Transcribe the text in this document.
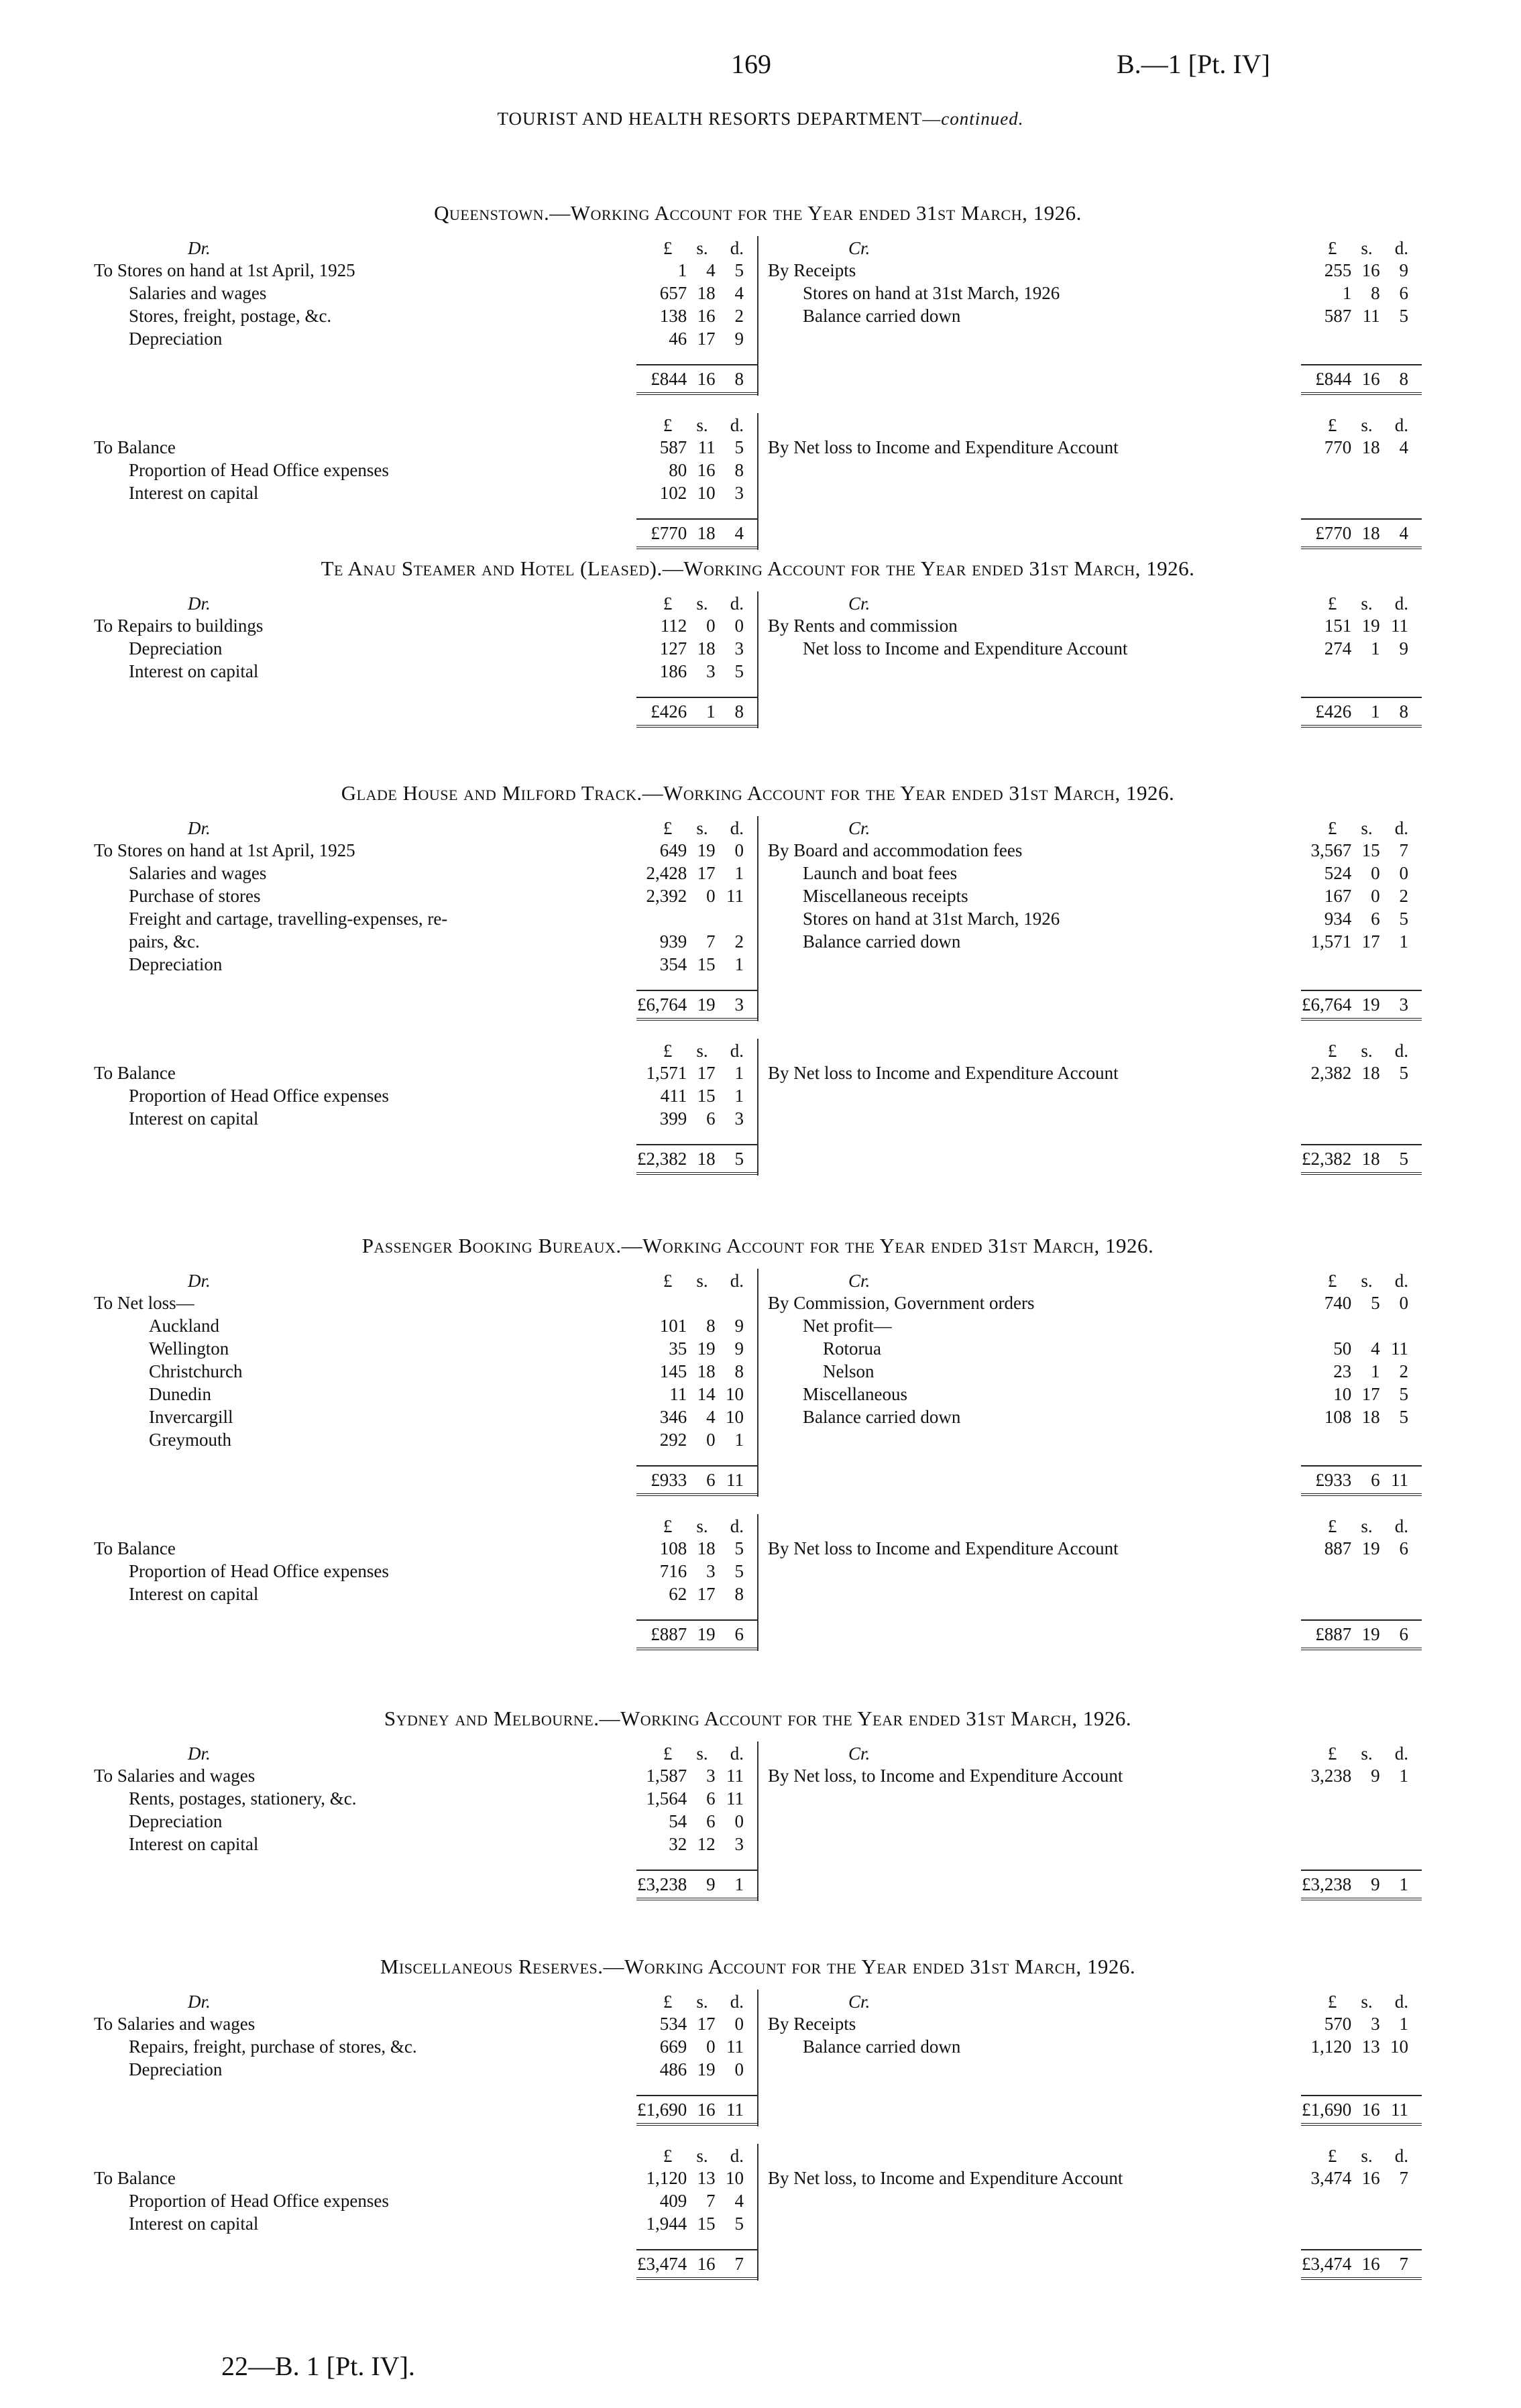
169	B.—1 [Pt. IV]
TOURIST AND HEALTH RESORTS DEPARTMENT—continued.
Queenstown.—Working Account for the Year ended 31st March, 1926.
Dr.	£	s.	d.
To Stores on hand at 1st April, 1925	1	4	5
Salaries and wages	657 18	4
Stores, freight, postage, &c.	138 16	2
Depreciation	46 17	9
£844 16	8
Cr.	£	s.	d.
By Receipts	255 16	9
Stores on hand at 31st March, 1926	1	8	6
Balance carried down	587 11	5
£844 16	8
£	s.	d.
To Balance	587 11	5
Proportion of Head Office expenses	80 16	8
Interest on capital	102 10	3
£770 18	4
£	s.	d.
By Net loss to Income and Expenditure Account	770 18	4
£770 18	4
Te Anau Steamer and Hotel (Leased).—Working Account for the Year ended 31st March, 1926.
Dr.	£	s.	d.
To Repairs to buildings	112	0	0
Depreciation	127 18	3
Interest on capital	186	3	5
£426	1	8
Cr.	£	s.	d.
By Rents and commission	151 19 11
Net loss to Income and Expenditure Account	274	1	9
£426	1	8
Glade House and Milford Track.—Working Account for the Year ended 31st March, 1926.
Dr.	£	s.	d.
To Stores on hand at 1st April, 1925	649 19	0
Salaries and wages	2,428 17	1
Purchase of stores	2,392	0 11
Freight and cartage, travelling-expenses, re-
pairs, &c.	939	7	2
Depreciation	354 15	1
£6,764 19	3
Cr.	£	s.	d.
By Board and accommodation fees	3,567 15	7
Launch and boat fees	524	0	0
Miscellaneous receipts	167	0	2
Stores on hand at 31st March, 1926	934	6	5
Balance carried down	1,571 17	1
£6,764 19	3
£	s.	d.
To Balance	1,571 17	1
Proportion of Head Office expenses	411 15	1
Interest on capital	399	6	3
£2,382 18	5
£	s.	d.
By Net loss to Income and Expenditure Account	2,382 18	5
£2,382 18	5
Passenger Booking Bureaux.—Working Account for the Year ended 31st March, 1926.
Dr.	£	s.	d.
To Net loss—
Auckland	101	8	9
Wellington	35 19	9
Christchurch	145 18	8
Dunedin	11 14 10
Invercargill	346	4 10
Greymouth	292	0	1
£933	6 11
Cr.	£	s.	d.
By Commission, Government orders	740	5	0
Net profit—
Rotorua	50	4 11
Nelson	23	1	2
Miscellaneous	10 17	5
Balance carried down	108 18	5
£933	6 11
£	s.	d.
To Balance	108 18	5
Proportion of Head Office expenses	716	3	5
Interest on capital	62 17	8
£887 19	6
£	s.	d.
By Net loss to Income and Expenditure Account	887 19	6
£887 19	6
Sydney and Melbourne.—Working Account for the Year ended 31st March, 1926.
Dr.	£	s.	d.
To Salaries and wages	1,587	3 11
Rents, postages, stationery, &c.	1,564	6 11
Depreciation	54	6	0
Interest on capital	32 12	3
£3,238	9	1
Cr.	£	s.	d.
By Net loss, to Income and Expenditure Account	3,238	9	1
£3,238	9	1
Miscellaneous Reserves.—Working Account for the Year ended 31st March, 1926.
Dr.	£	s.	d.
To Salaries and wages	534 17	0
Repairs, freight, purchase of stores, &c.	669	0 11
Depreciation	486 19	0
£1,690 16 11
Cr.	£	s.	d.
By Receipts	570	3	1
Balance carried down	1,120 13 10
£1,690 16 11
£	s.	d.
To Balance	1,120 13 10
Proportion of Head Office expenses	409	7	4
Interest on capital	1,944 15	5
£3,474 16	7
£	s.	d.
By Net loss, to Income and Expenditure Account	3,474 16	7
£3,474 16	7
22—B. 1 [Pt. IV].
